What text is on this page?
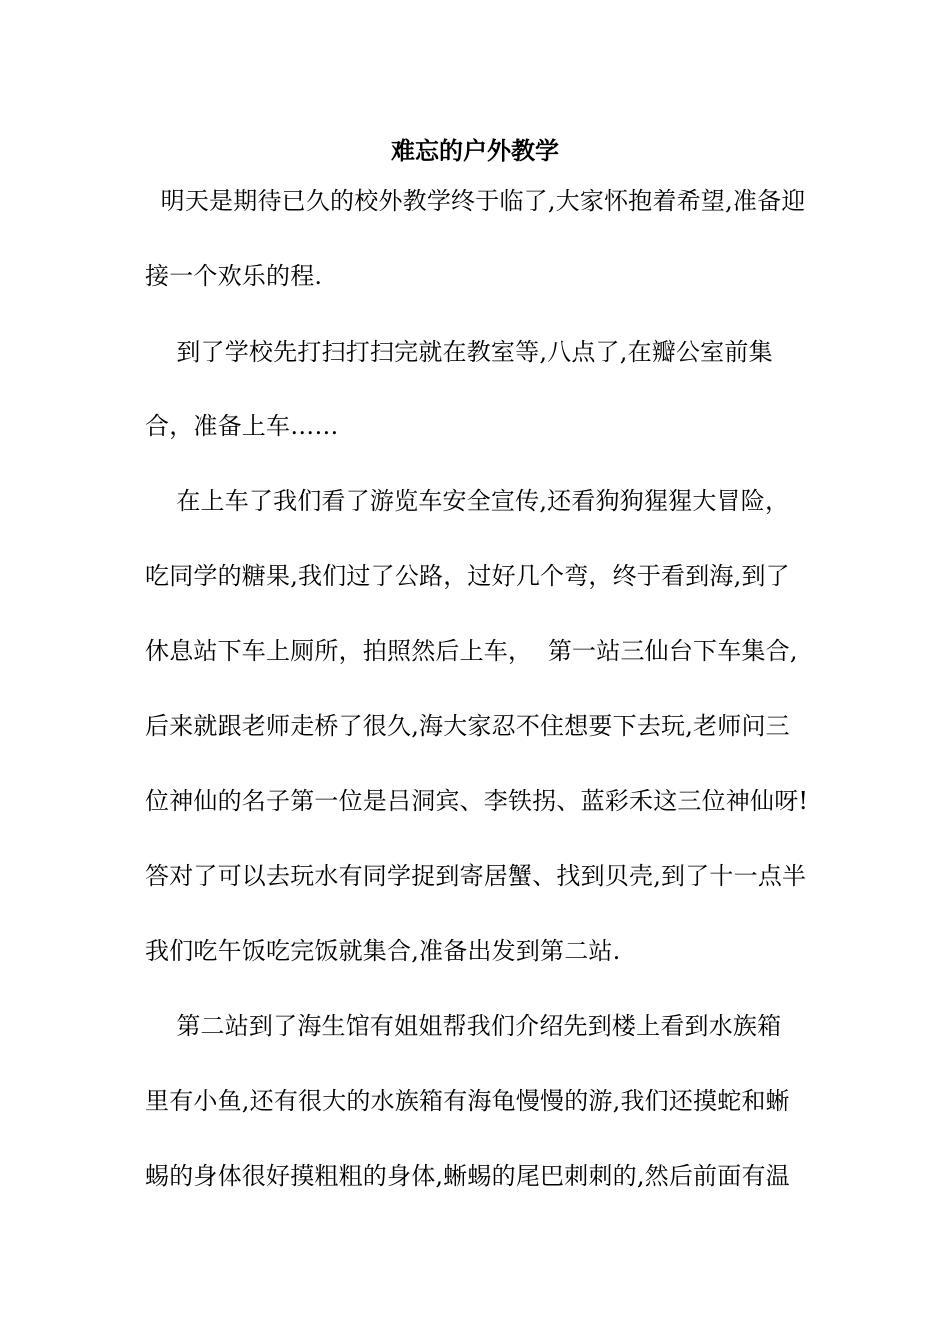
难忘的户外教学
明天是期待已久的校外教学终于临了,大家怀抱着希望,准备迎
接一个欢乐的程.
到了学校先打扫打扫完就在教室等,八点了,在瓣公室前集
合，准备上车……
在上车了我们看了游览车安全宣传,还看狗狗猩猩大冒险，
吃同学的糖果,我们过了公路，过好几个弯，终于看到海,到了
休息站下车上厕所，拍照然后上车，  第一站三仙台下车集合,
后来就跟老师走桥了很久,海大家忍不住想要下去玩,老师问三
位神仙的名子第一位是吕洞宾、李铁拐、蓝彩禾这三位神仙呀!
答对了可以去玩水有同学捉到寄居蟹、找到贝壳,到了十一点半
我们吃午饭吃完饭就集合,准备出发到第二站.
第二站到了海生馆有姐姐帮我们介绍先到楼上看到水族箱
里有小鱼,还有很大的水族箱有海龟慢慢的游,我们还摸蛇和蜥
蜴的身体很好摸粗粗的身体,蜥蜴的尾巴刺刺的,然后前面有温
